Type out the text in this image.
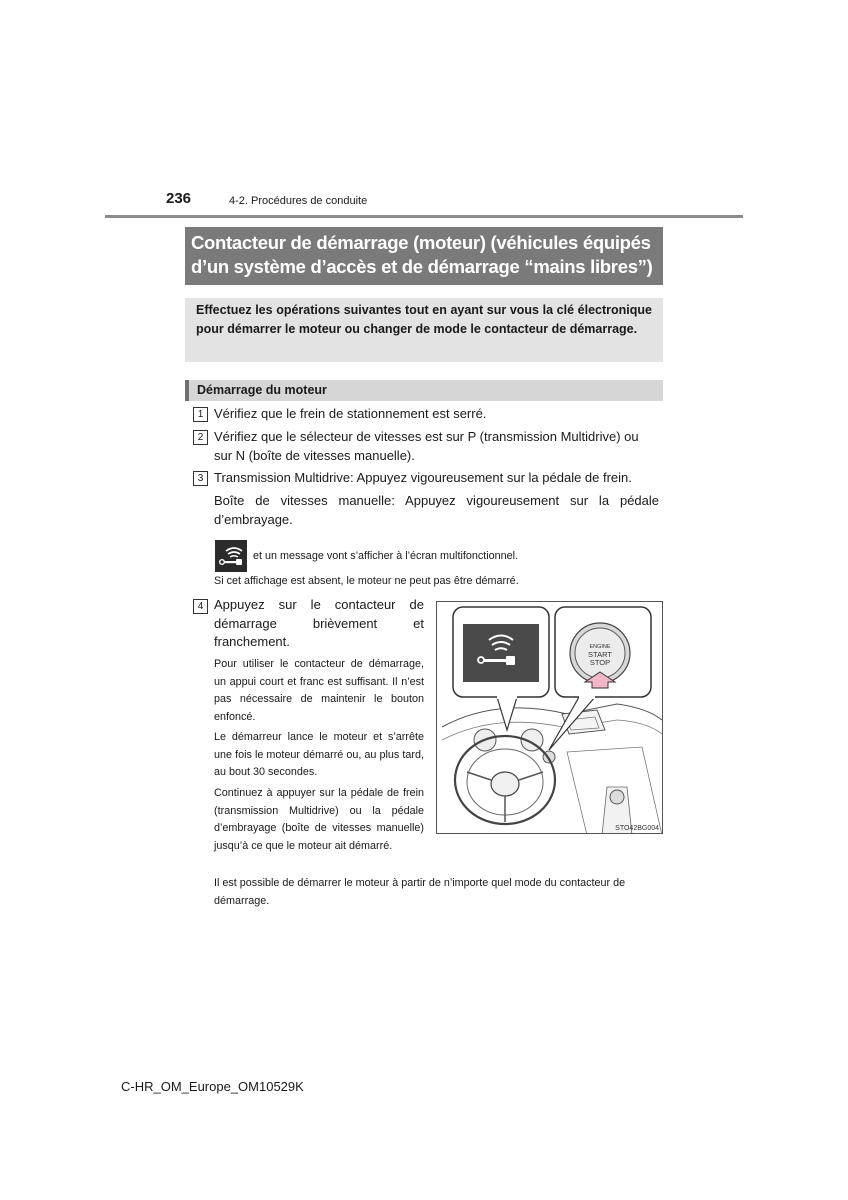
236	4-2. Procédures de conduite
Contacteur de démarrage (moteur) (véhicules équipés
d’un système d’accès et de démarrage “mains libres”)
Effectuez les opérations suivantes tout en ayant sur vous la clé électronique pour démarrer le moteur ou changer de mode le contacteur de démarrage.
Démarrage du moteur
1 Vérifiez que le frein de stationnement est serré.
2 Vérifiez que le sélecteur de vitesses est sur P (transmission Multidrive) ou
sur N (boîte de vitesses manuelle).
3 Transmission Multidrive: Appuyez vigoureusement sur la pédale de frein.
Boîte de vitesses manuelle: Appuyez vigoureusement sur la pédale d’embrayage.
et un message vont s’afficher à l’écran multifonctionnel.
Si cet affichage est absent, le moteur ne peut pas être démarré.
4 Appuyez sur le contacteur de démarrage brièvement et franchement.
Pour utiliser le contacteur de démarrage, un appui court et franc est suffisant. Il n’est pas nécessaire de maintenir le bouton enfoncé.
Le démarreur lance le moteur et s’arrête une fois le moteur démarré ou, au plus tard, au bout 30 secondes.
Continuez à appuyer sur la pédale de frein (transmission Multidrive) ou la pédale d’embrayage (boîte de vitesses manuelle) jusqu’à ce que le moteur ait démarré.
Il est possible de démarrer le moteur à partir de n’importe quel mode du contacteur de démarrage.
ENGINE
START
STOP
STO42BG004
C-HR_OM_Europe_OM10529K
